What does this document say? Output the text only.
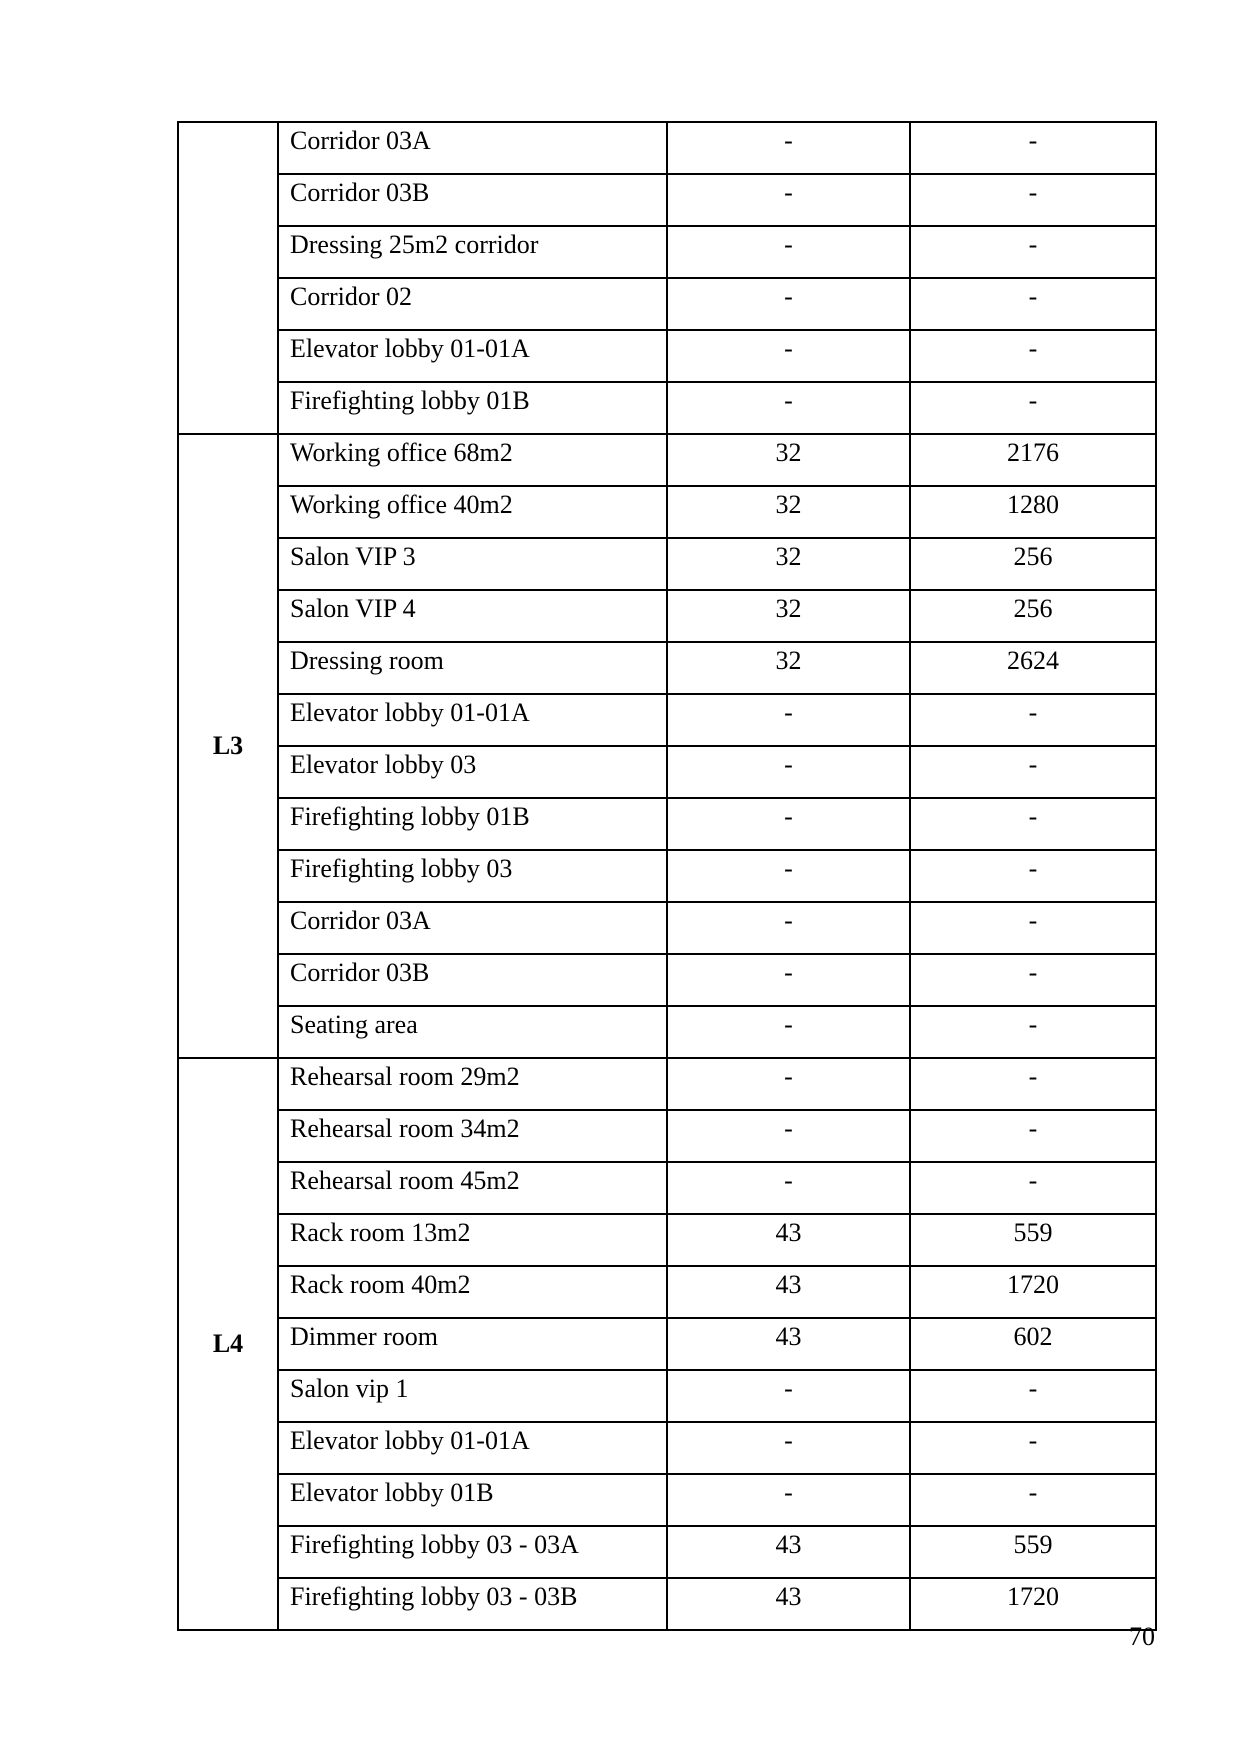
	Corridor 03A	-	-
	Corridor 03B	-	-
	Dressing 25m2 corridor	-	-
	Corridor 02	-	-
	Elevator lobby 01-01A	-	-
	Firefighting lobby 01B	-	-
L3	Working office 68m2	32	2176
	Working office 40m2	32	1280
	Salon VIP 3	32	256
	Salon VIP 4	32	256
	Dressing room	32	2624
	Elevator lobby 01-01A	-	-
	Elevator lobby 03	-	-
	Firefighting lobby 01B	-	-
	Firefighting lobby 03	-	-
	Corridor 03A	-	-
	Corridor 03B	-	-
	Seating area	-	-
L4	Rehearsal room 29m2	-	-
	Rehearsal room 34m2	-	-
	Rehearsal room 45m2	-	-
	Rack room 13m2	43	559
	Rack room 40m2	43	1720
	Dimmer room	43	602
	Salon vip 1	-	-
	Elevator lobby 01-01A	-	-
	Elevator lobby 01B	-	-
	Firefighting lobby 03 - 03A	43	559
	Firefighting lobby 03 - 03B	43	1720
70
